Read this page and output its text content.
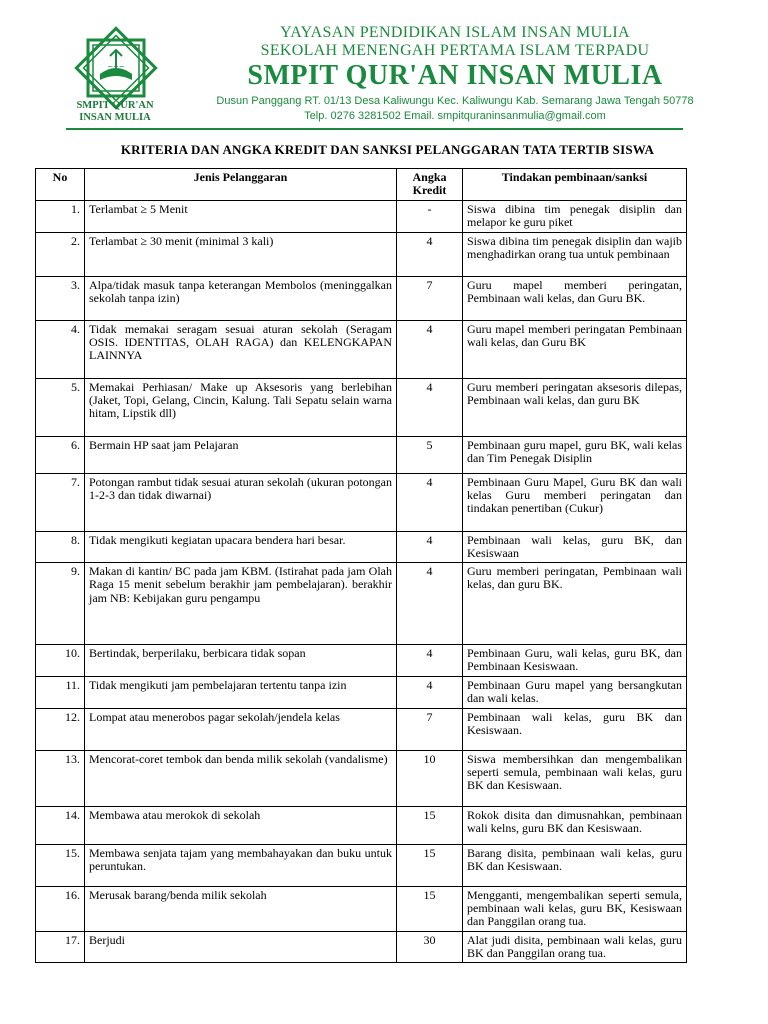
~~~
SMPIT QUR'AN
INSAN MULIA
YAYASAN PENDIDIKAN ISLAM INSAN MULIA
SEKOLAH MENENGAH PERTAMA ISLAM TERPADU
SMPIT QUR'AN INSAN MULIA
Dusun Panggang RT. 01/13 Desa Kaliwungu Kec. Kaliwungu Kab. Semarang Jawa Tengah 50778
Telp. 0276 3281502 Email. smpitquraninsanmulia@gmail.com
KRITERIA DAN ANGKA KREDIT DAN SANKSI PELANGGARAN TATA TERTIB SISWA
No	Jenis Pelanggaran	Angka Kredit	Tindakan pembinaan/sanksi
1.	Terlambat ≥ 5 Menit	-	Siswa dibina tim penegak disiplin dan melapor ke guru piket
2.	Terlambat ≥ 30 menit (minimal 3 kali)	4	Siswa dibina tim penegak disiplin dan wajib menghadirkan orang tua untuk pembinaan
3.	Alpa/tidak masuk tanpa keterangan Membolos (meninggalkan sekolah tanpa izin)	7	Guru mapel memberi peringatan, Pembinaan wali kelas, dan Guru BK.
4.	Tidak memakai seragam sesuai aturan sekolah (Seragam OSIS. IDENTITAS, OLAH RAGA) dan KELENGKAPAN LAINNYA	4	Guru mapel memberi peringatan Pembinaan wali kelas, dan Guru BK
5.	Memakai Perhiasan/ Make up Aksesoris yang berlebihan (Jaket, Topi, Gelang, Cincin, Kalung. Tali Sepatu selain warna hitam, Lipstik dll)	4	Guru memberi peringatan aksesoris dilepas, Pembinaan wali kelas, dan guru BK
6.	Bermain HP saat jam Pelajaran	5	Pembinaan guru mapel, guru BK, wali kelas dan Tim Penegak Disiplin
7.	Potongan rambut tidak sesuai aturan sekolah (ukuran potongan 1-2-3 dan tidak diwarnai)	4	Pembinaan Guru Mapel, Guru BK dan wali kelas Guru memberi peringatan dan tindakan penertiban (Cukur)
8.	Tidak mengikuti kegiatan upacara bendera hari besar.	4	Pembinaan wali kelas, guru BK, dan Kesiswaan
9.	Makan di kantin/ BC pada jam KBM. (Istirahat pada jam Olah Raga 15 menit sebelum berakhir jam pembelajaran). berakhir jam NB: Kebijakan guru pengampu	4	Guru memberi peringatan, Pembinaan wali kelas, dan guru BK.
10.	Bertindak, berperilaku, berbicara tidak sopan	4	Pembinaan Guru, wali kelas, guru BK, dan Pembinaan Kesiswaan.
11.	Tidak mengikuti jam pembelajaran tertentu tanpa izin	4	Pembinaan Guru mapel yang bersangkutan dan wali kelas.
12.	Lompat atau menerobos pagar sekolah/jendela kelas	7	Pembinaan wali kelas, guru BK dan Kesiswaan.
13.	Mencorat-coret tembok dan benda milik sekolah (vandalisme)	10	Siswa membersihkan dan mengembalikan seperti semula, pembinaan wali kelas, guru BK dan Kesiswaan.
14.	Membawa atau merokok di sekolah	15	Rokok disita dan dimusnahkan, pembinaan wali kelns, guru BK dan Kesiswaan.
15.	Membawa senjata tajam yang membahayakan dan buku untuk peruntukan.	15	Barang disita, pembinaan wali kelas, guru BK dan Kesiswaan.
16.	Merusak barang/benda milik sekolah	15	Mengganti, mengembalikan seperti semula, pembinaan wali kelas, guru BK, Kesiswaan dan Panggilan orang tua.
17.	Berjudi	30	Alat judi disita, pembinaan wali kelas, guru BK dan Panggilan orang tua.
